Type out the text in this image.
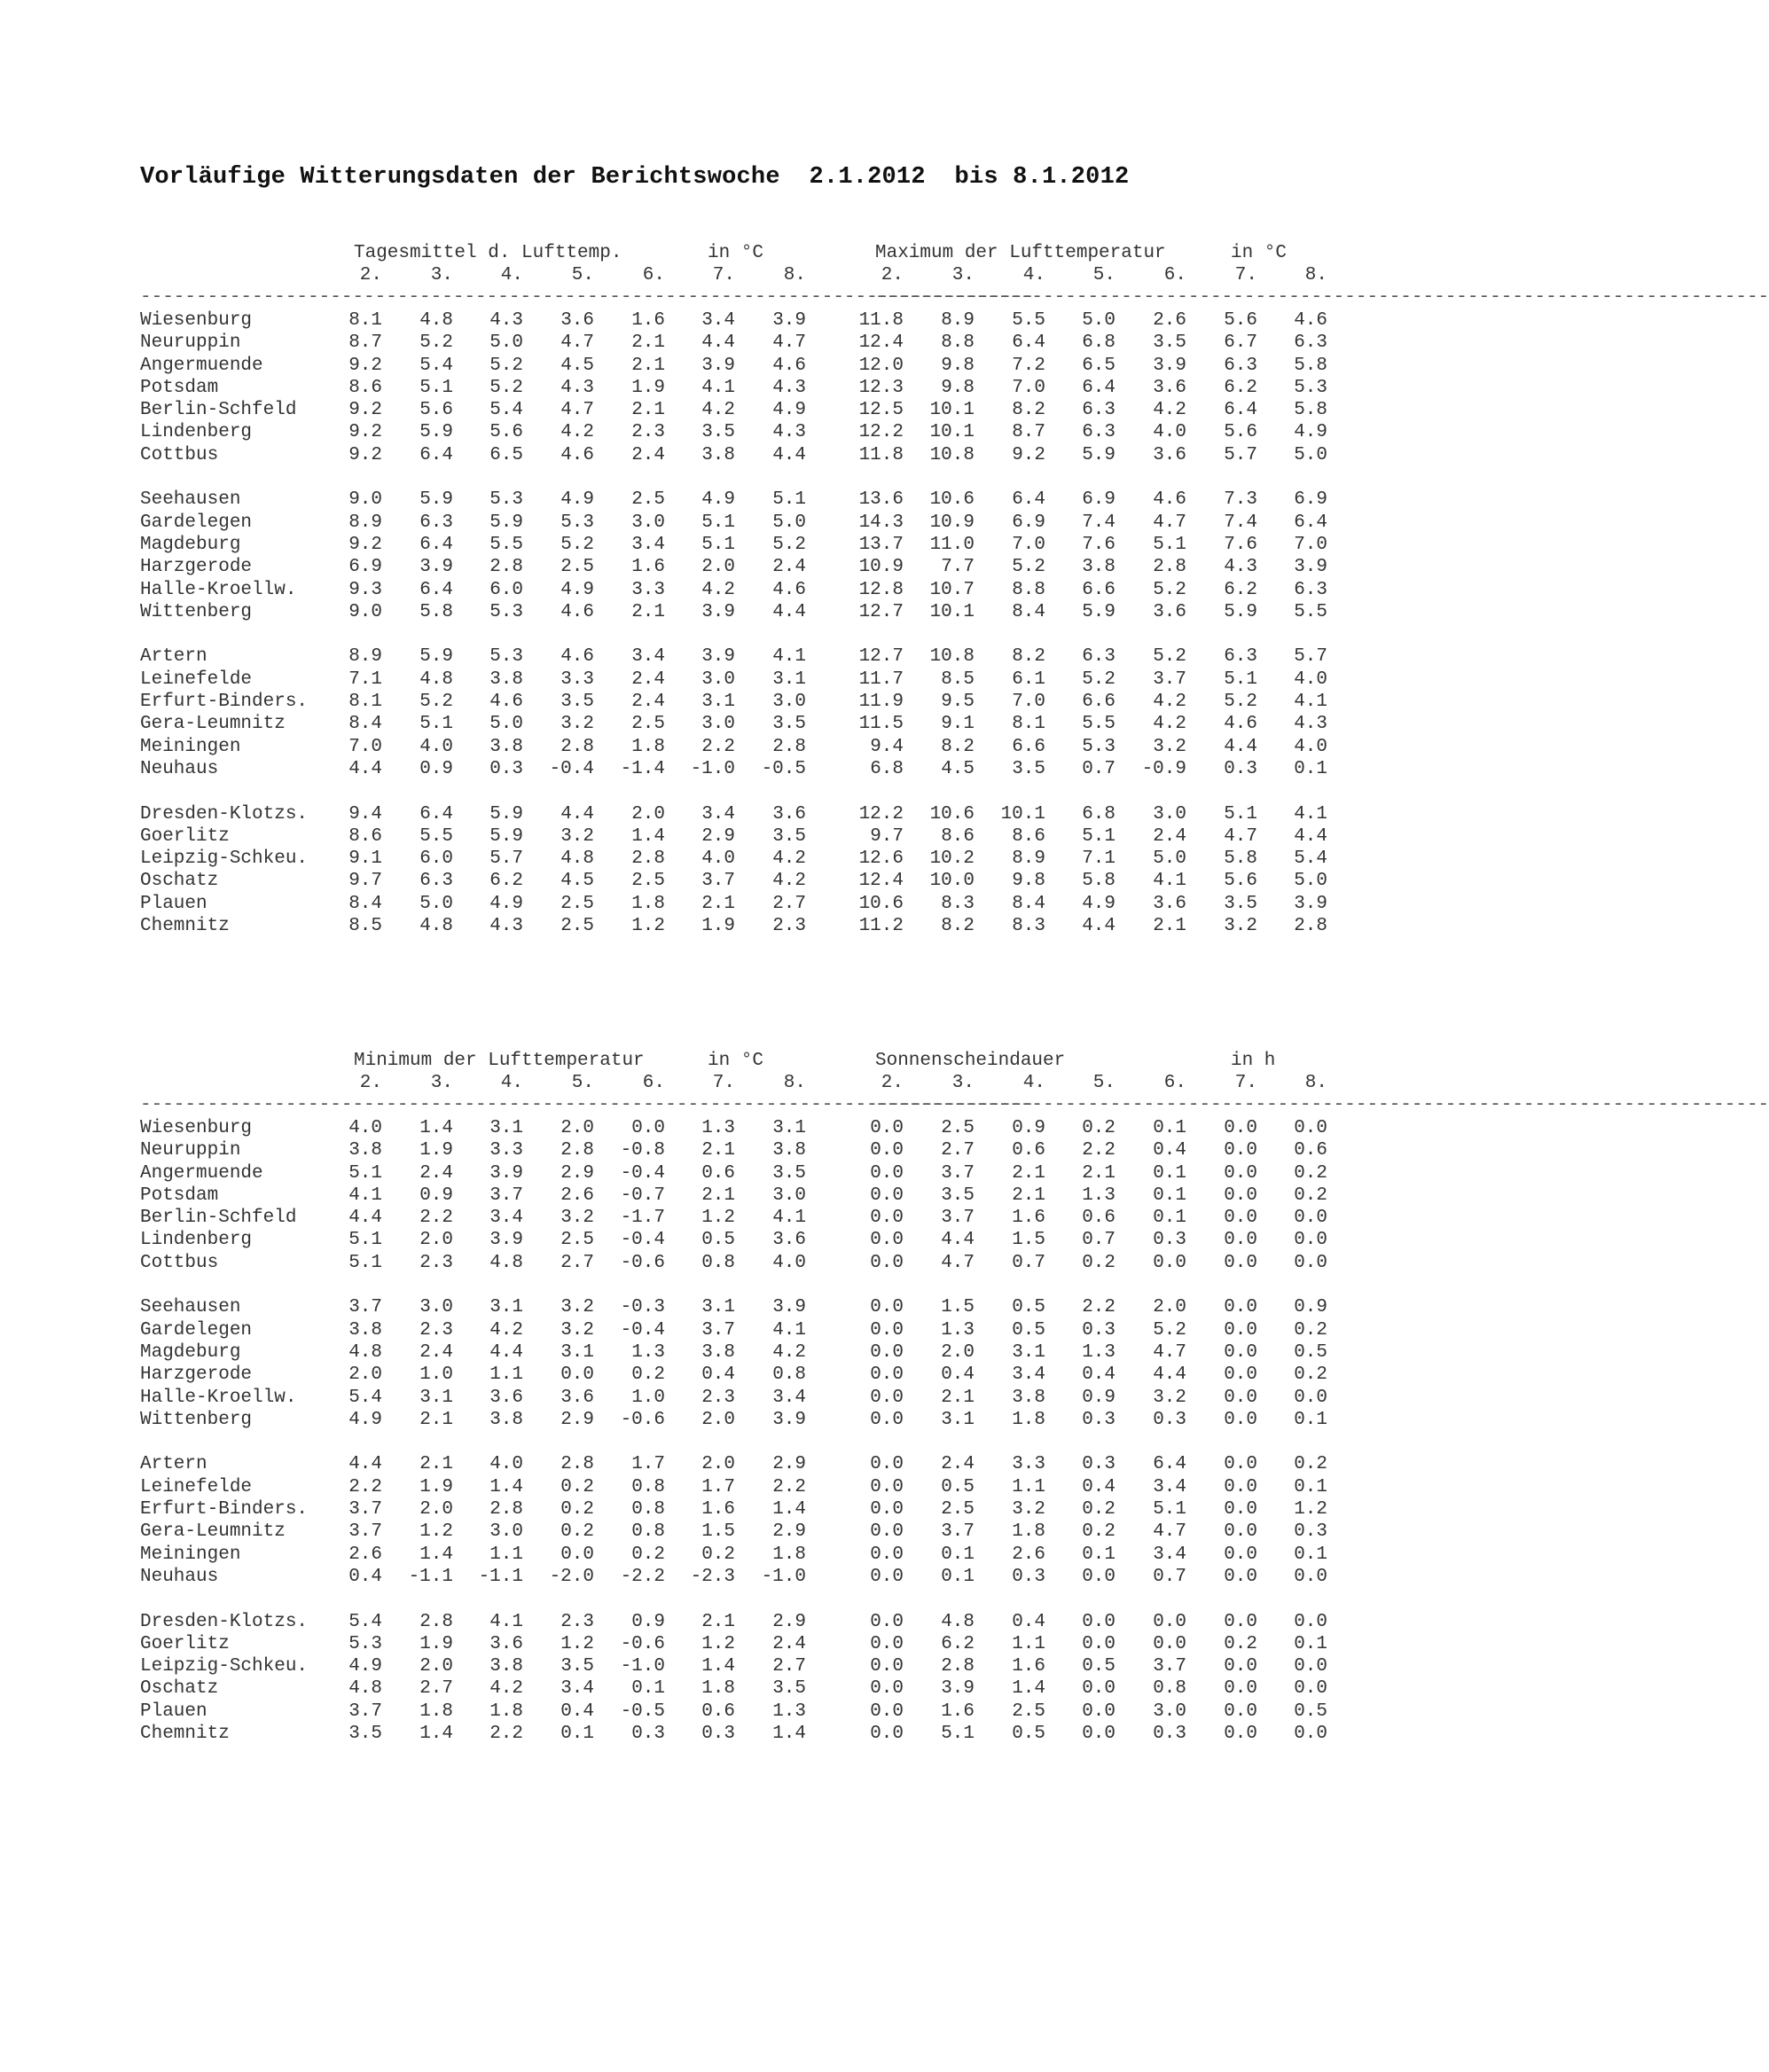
Vorläufige Witterungsdaten der Berichtswoche  2.1.2012  bis 8.1.2012
Tagesmittel d. Lufttemp.	in °C
2.	3.	4.	5.	6.	7.	8.
--------------------------------------------------------------------------------
Maximum der Lufttemperatur	in °C
2.	3.	4.	5.	6.	7.	8.
--------------------------------------------------------------------------------
Wiesenburg	8.1	4.8	4.3	3.6	1.6	3.4	3.9	11.8	8.9	5.5	5.0	2.6	5.6	4.6
Neuruppin	8.7	5.2	5.0	4.7	2.1	4.4	4.7	12.4	8.8	6.4	6.8	3.5	6.7	6.3
Angermuende	9.2	5.4	5.2	4.5	2.1	3.9	4.6	12.0	9.8	7.2	6.5	3.9	6.3	5.8
Potsdam	8.6	5.1	5.2	4.3	1.9	4.1	4.3	12.3	9.8	7.0	6.4	3.6	6.2	5.3
Berlin-Schfeld	9.2	5.6	5.4	4.7	2.1	4.2	4.9	12.5	10.1	8.2	6.3	4.2	6.4	5.8
Lindenberg	9.2	5.9	5.6	4.2	2.3	3.5	4.3	12.2	10.1	8.7	6.3	4.0	5.6	4.9
Cottbus	9.2	6.4	6.5	4.6	2.4	3.8	4.4	11.8	10.8	9.2	5.9	3.6	5.7	5.0
Seehausen	9.0	5.9	5.3	4.9	2.5	4.9	5.1	13.6	10.6	6.4	6.9	4.6	7.3	6.9
Gardelegen	8.9	6.3	5.9	5.3	3.0	5.1	5.0	14.3	10.9	6.9	7.4	4.7	7.4	6.4
Magdeburg	9.2	6.4	5.5	5.2	3.4	5.1	5.2	13.7	11.0	7.0	7.6	5.1	7.6	7.0
Harzgerode	6.9	3.9	2.8	2.5	1.6	2.0	2.4	10.9	7.7	5.2	3.8	2.8	4.3	3.9
Halle-Kroellw.	9.3	6.4	6.0	4.9	3.3	4.2	4.6	12.8	10.7	8.8	6.6	5.2	6.2	6.3
Wittenberg	9.0	5.8	5.3	4.6	2.1	3.9	4.4	12.7	10.1	8.4	5.9	3.6	5.9	5.5
Artern	8.9	5.9	5.3	4.6	3.4	3.9	4.1	12.7	10.8	8.2	6.3	5.2	6.3	5.7
Leinefelde	7.1	4.8	3.8	3.3	2.4	3.0	3.1	11.7	8.5	6.1	5.2	3.7	5.1	4.0
Erfurt-Binders.	8.1	5.2	4.6	3.5	2.4	3.1	3.0	11.9	9.5	7.0	6.6	4.2	5.2	4.1
Gera-Leumnitz	8.4	5.1	5.0	3.2	2.5	3.0	3.5	11.5	9.1	8.1	5.5	4.2	4.6	4.3
Meiningen	7.0	4.0	3.8	2.8	1.8	2.2	2.8	9.4	8.2	6.6	5.3	3.2	4.4	4.0
Neuhaus	4.4	0.9	0.3	-0.4	-1.4	-1.0	-0.5	6.8	4.5	3.5	0.7	-0.9	0.3	0.1
Dresden-Klotzs.	9.4	6.4	5.9	4.4	2.0	3.4	3.6	12.2	10.6	10.1	6.8	3.0	5.1	4.1
Goerlitz	8.6	5.5	5.9	3.2	1.4	2.9	3.5	9.7	8.6	8.6	5.1	2.4	4.7	4.4
Leipzig-Schkeu.	9.1	6.0	5.7	4.8	2.8	4.0	4.2	12.6	10.2	8.9	7.1	5.0	5.8	5.4
Oschatz	9.7	6.3	6.2	4.5	2.5	3.7	4.2	12.4	10.0	9.8	5.8	4.1	5.6	5.0
Plauen	8.4	5.0	4.9	2.5	1.8	2.1	2.7	10.6	8.3	8.4	4.9	3.6	3.5	3.9
Chemnitz	8.5	4.8	4.3	2.5	1.2	1.9	2.3	11.2	8.2	8.3	4.4	2.1	3.2	2.8
Minimum der Lufttemperatur	in °C
2.	3.	4.	5.	6.	7.	8.
--------------------------------------------------------------------------------
Sonnenscheindauer	in h
2.	3.	4.	5.	6.	7.	8.
--------------------------------------------------------------------------------
Wiesenburg	4.0	1.4	3.1	2.0	0.0	1.3	3.1	0.0	2.5	0.9	0.2	0.1	0.0	0.0
Neuruppin	3.8	1.9	3.3	2.8	-0.8	2.1	3.8	0.0	2.7	0.6	2.2	0.4	0.0	0.6
Angermuende	5.1	2.4	3.9	2.9	-0.4	0.6	3.5	0.0	3.7	2.1	2.1	0.1	0.0	0.2
Potsdam	4.1	0.9	3.7	2.6	-0.7	2.1	3.0	0.0	3.5	2.1	1.3	0.1	0.0	0.2
Berlin-Schfeld	4.4	2.2	3.4	3.2	-1.7	1.2	4.1	0.0	3.7	1.6	0.6	0.1	0.0	0.0
Lindenberg	5.1	2.0	3.9	2.5	-0.4	0.5	3.6	0.0	4.4	1.5	0.7	0.3	0.0	0.0
Cottbus	5.1	2.3	4.8	2.7	-0.6	0.8	4.0	0.0	4.7	0.7	0.2	0.0	0.0	0.0
Seehausen	3.7	3.0	3.1	3.2	-0.3	3.1	3.9	0.0	1.5	0.5	2.2	2.0	0.0	0.9
Gardelegen	3.8	2.3	4.2	3.2	-0.4	3.7	4.1	0.0	1.3	0.5	0.3	5.2	0.0	0.2
Magdeburg	4.8	2.4	4.4	3.1	1.3	3.8	4.2	0.0	2.0	3.1	1.3	4.7	0.0	0.5
Harzgerode	2.0	1.0	1.1	0.0	0.2	0.4	0.8	0.0	0.4	3.4	0.4	4.4	0.0	0.2
Halle-Kroellw.	5.4	3.1	3.6	3.6	1.0	2.3	3.4	0.0	2.1	3.8	0.9	3.2	0.0	0.0
Wittenberg	4.9	2.1	3.8	2.9	-0.6	2.0	3.9	0.0	3.1	1.8	0.3	0.3	0.0	0.1
Artern	4.4	2.1	4.0	2.8	1.7	2.0	2.9	0.0	2.4	3.3	0.3	6.4	0.0	0.2
Leinefelde	2.2	1.9	1.4	0.2	0.8	1.7	2.2	0.0	0.5	1.1	0.4	3.4	0.0	0.1
Erfurt-Binders.	3.7	2.0	2.8	0.2	0.8	1.6	1.4	0.0	2.5	3.2	0.2	5.1	0.0	1.2
Gera-Leumnitz	3.7	1.2	3.0	0.2	0.8	1.5	2.9	0.0	3.7	1.8	0.2	4.7	0.0	0.3
Meiningen	2.6	1.4	1.1	0.0	0.2	0.2	1.8	0.0	0.1	2.6	0.1	3.4	0.0	0.1
Neuhaus	0.4	-1.1	-1.1	-2.0	-2.2	-2.3	-1.0	0.0	0.1	0.3	0.0	0.7	0.0	0.0
Dresden-Klotzs.	5.4	2.8	4.1	2.3	0.9	2.1	2.9	0.0	4.8	0.4	0.0	0.0	0.0	0.0
Goerlitz	5.3	1.9	3.6	1.2	-0.6	1.2	2.4	0.0	6.2	1.1	0.0	0.0	0.2	0.1
Leipzig-Schkeu.	4.9	2.0	3.8	3.5	-1.0	1.4	2.7	0.0	2.8	1.6	0.5	3.7	0.0	0.0
Oschatz	4.8	2.7	4.2	3.4	0.1	1.8	3.5	0.0	3.9	1.4	0.0	0.8	0.0	0.0
Plauen	3.7	1.8	1.8	0.4	-0.5	0.6	1.3	0.0	1.6	2.5	0.0	3.0	0.0	0.5
Chemnitz	3.5	1.4	2.2	0.1	0.3	0.3	1.4	0.0	5.1	0.5	0.0	0.3	0.0	0.0
